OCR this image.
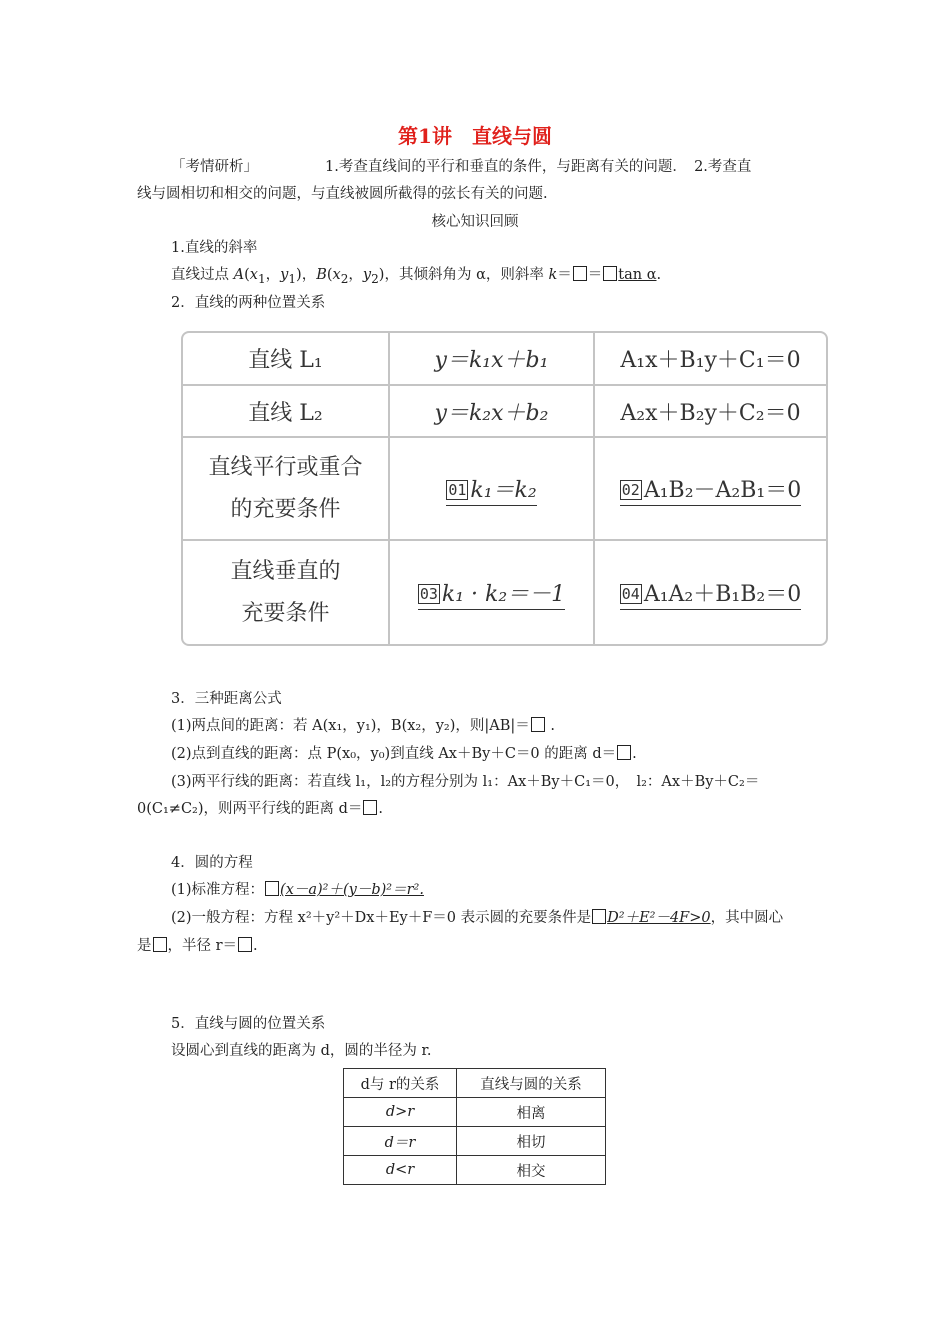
第1讲　直线与圆
「考情研析」	1.考查直线间的平行和垂直的条件，与距离有关的问题．　2.考查直
线与圆相切和相交的问题，与直线被圆所截得的弦长有关的问题.
核心知识回顾
1.直线的斜率
直线过点 $A(x_1$，$y_1$)，$B(x_2$，$y_2$)，其倾斜角为 α，则斜率 k＝ ＝ tan α.
2．直线的两种位置关系
直线 L₁	y＝k₁x＋b₁	A₁x＋B₁y＋C₁＝0
直线 L₂	y＝k₂x＋b₂	A₂x＋B₂y＋C₂＝0

直线平行或重合
的充要条件	01 k₁＝k₂	02 A₁B₂－A₂B₁＝0

直线垂直的
充要条件	03 k₁ · k₂＝－1	04 A₁A₂＋B₁B₂＝0
3．三种距离公式
(1)两点间的距离：若 A(x₁，y₁)，B(x₂，y₂)，则|AB|＝ .
(2)点到直线的距离：点 P(x₀，y₀)到直线 Ax＋By＋C＝0 的距离 d＝ .
(3)两平行线的距离：若直线 l₁，l₂的方程分别为 l₁：Ax＋By＋C₁＝0，　l₂：Ax＋By＋C₂＝
0(C₁≠C₂)，则两平行线的距离 d＝ .
4．圆的方程
(1)标准方程： (x－a)²＋(y－b)²＝r².
(2)一般方程：方程 x²＋y²＋Dx＋Ey＋F＝0 表示圆的充要条件是 D²＋E²－4F>0，其中圆心
是 ，半径 r＝ .
5．直线与圆的位置关系
设圆心到直线的距离为 d，圆的半径为 r.
d与 r的关系	直线与圆的关系
d>r	相离
d＝r	相切
d<r	相交
